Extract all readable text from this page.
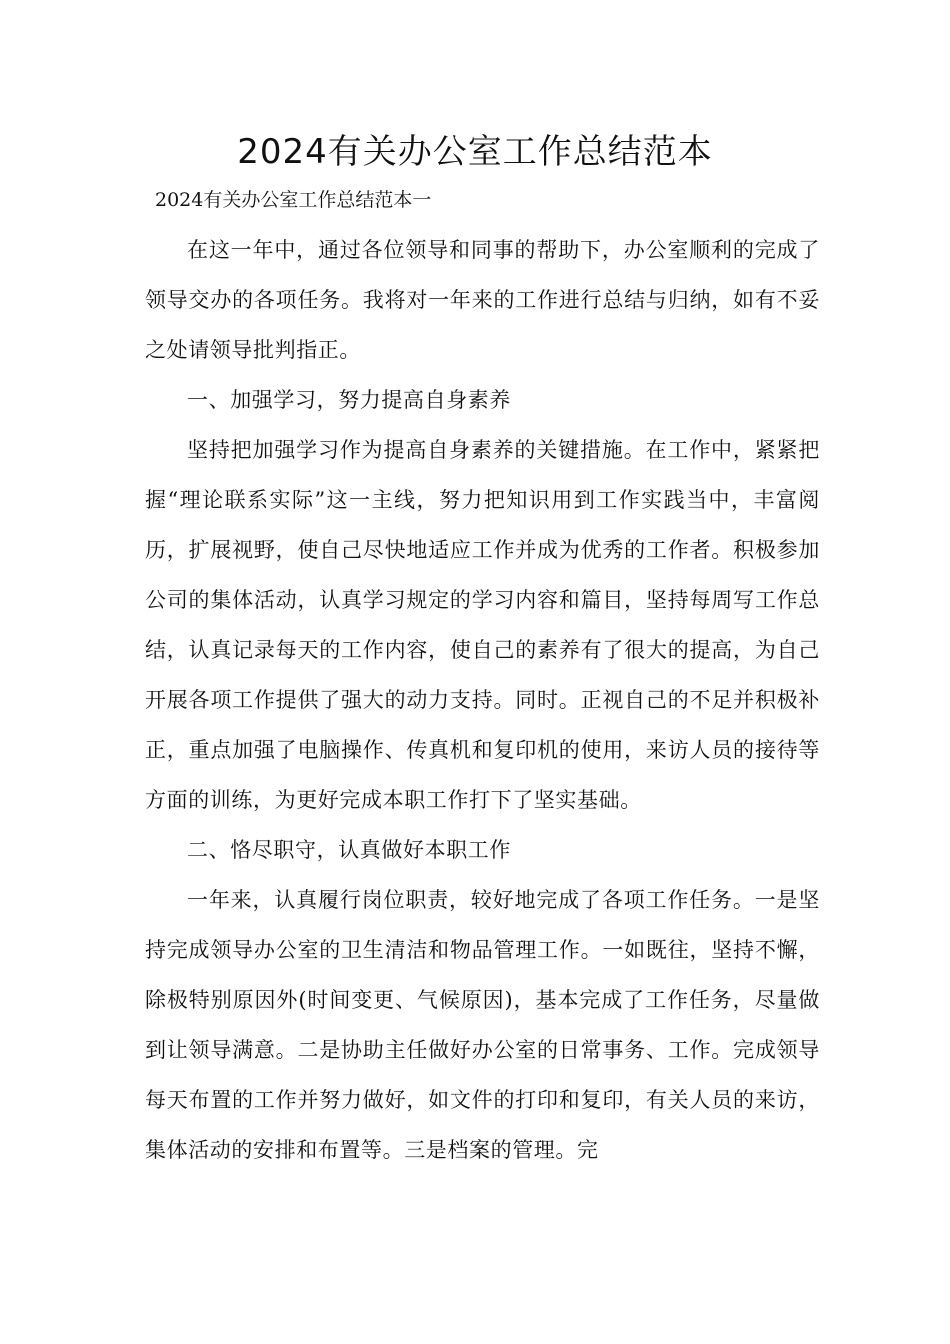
2024有关办公室工作总结范本

2024有关办公室工作总结范本一

在这一年中，通过各位领导和同事的帮助下，办公室顺利的完成了领导交办的各项任务。我将对一年来的工作进行总结与归纳，如有不妥之处请领导批判指正。

一、加强学习，努力提高自身素养

坚持把加强学习作为提高自身素养的关键措施。在工作中，紧紧把握“理论联系实际”这一主线，努力把知识用到工作实践当中，丰富阅历，扩展视野，使自己尽快地适应工作并成为优秀的工作者。积极参加公司的集体活动，认真学习规定的学习内容和篇目，坚持每周写工作总结，认真记录每天的工作内容，使自己的素养有了很大的提高，为自己开展各项工作提供了强大的动力支持。同时。正视自己的不足并积极补正，重点加强了电脑操作、传真机和复印机的使用，来访人员的接待等方面的训练，为更好完成本职工作打下了坚实基础。

二、恪尽职守，认真做好本职工作

一年来，认真履行岗位职责，较好地完成了各项工作任务。一是坚持完成领导办公室的卫生清洁和物品管理工作。一如既往，坚持不懈，除极特别原因外(时间变更、气候原因)，基本完成了工作任务，尽量做到让领导满意。二是协助主任做好办公室的日常事务、工作。完成领导每天布置的工作并努力做好，如文件的打印和复印，有关人员的来访，集体活动的安排和布置等。三是档案的管理。完
